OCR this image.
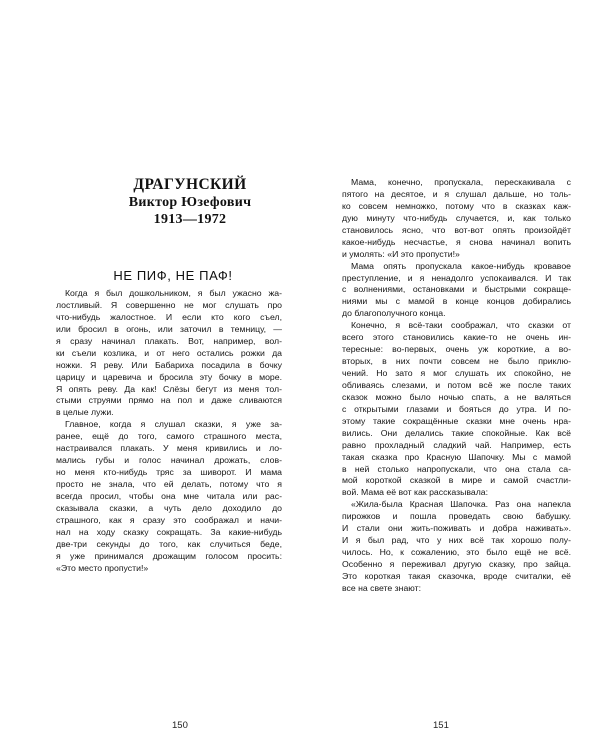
ДРАГУНСКИЙ
Виктор Юзефович
1913—1972
НЕ ПИФ, НЕ ПАФ!
Когда я был дошкольником, я был ужасно жа-
лостливый. Я совершенно не мог слушать про
что-нибудь жалостное. И если кто кого съел,
или бросил в огонь, или заточил в темницу, —
я сразу начинал плакать. Вот, например, вол-
ки съели козлика, и от него остались рожки да
ножки. Я реву. Или Бабариха посадила в бочку
царицу и царевича и бросила эту бочку в море.
Я опять реву. Да как! Слёзы бегут из меня тол-
стыми струями прямо на пол и даже сливаются
в целые лужи.
Главное, когда я слушал сказки, я уже за-
ранее, ещё до того, самого страшного места,
настраивался плакать. У меня кривились и ло-
мались губы и голос начинал дрожать, слов-
но меня кто-нибудь тряс за шиворот. И мама
просто не знала, что ей делать, потому что я
всегда просил, чтобы она мне читала или рас-
сказывала сказки, а чуть дело доходило до
страшного, как я сразу это соображал и начи-
нал на ходу сказку сокращать. За какие-нибудь
две-три секунды до того, как случиться беде,
я уже принимался дрожащим голосом просить:
«Это место пропусти!»
150
Мама, конечно, пропускала, перескакивала с
пятого на десятое, и я слушал дальше, но толь-
ко совсем немножко, потому что в сказках каж-
дую минуту что-нибудь случается, и, как только
становилось ясно, что вот-вот опять произойдёт
какое-нибудь несчастье, я снова начинал вопить
и умолять: «И это пропусти!»
Мама опять пропускала какое-нибудь кровавое
преступление, и я ненадолго успокаивался. И так
с волнениями, остановками и быстрыми сокраще-
ниями мы с мамой в конце концов добирались
до благополучного конца.
Конечно, я всё-таки соображал, что сказки от
всего этого становились какие-то не очень ин-
тересные: во-первых, очень уж короткие, а во-
вторых, в них почти совсем не было приклю-
чений. Но зато я мог слушать их спокойно, не
обливаясь слезами, и потом всё же после таких
сказок можно было ночью спать, а не валяться
с открытыми глазами и бояться до утра. И по-
этому такие сокращённые сказки мне очень нра-
вились. Они делались такие спокойные. Как всё
равно прохладный сладкий чай. Например, есть
такая сказка про Красную Шапочку. Мы с мамой
в ней столько напропускали, что она стала са-
мой короткой сказкой в мире и самой счастли-
вой. Мама её вот как рассказывала:
«Жила-была Красная Шапочка. Раз она напекла
пирожков и пошла проведать свою бабушку.
И стали они жить-поживать и добра наживать».
И я был рад, что у них всё так хорошо полу-
чилось. Но, к сожалению, это было ещё не всё.
Особенно я переживал другую сказку, про зайца.
Это короткая такая сказочка, вроде считалки, её
все на свете знают:
151
